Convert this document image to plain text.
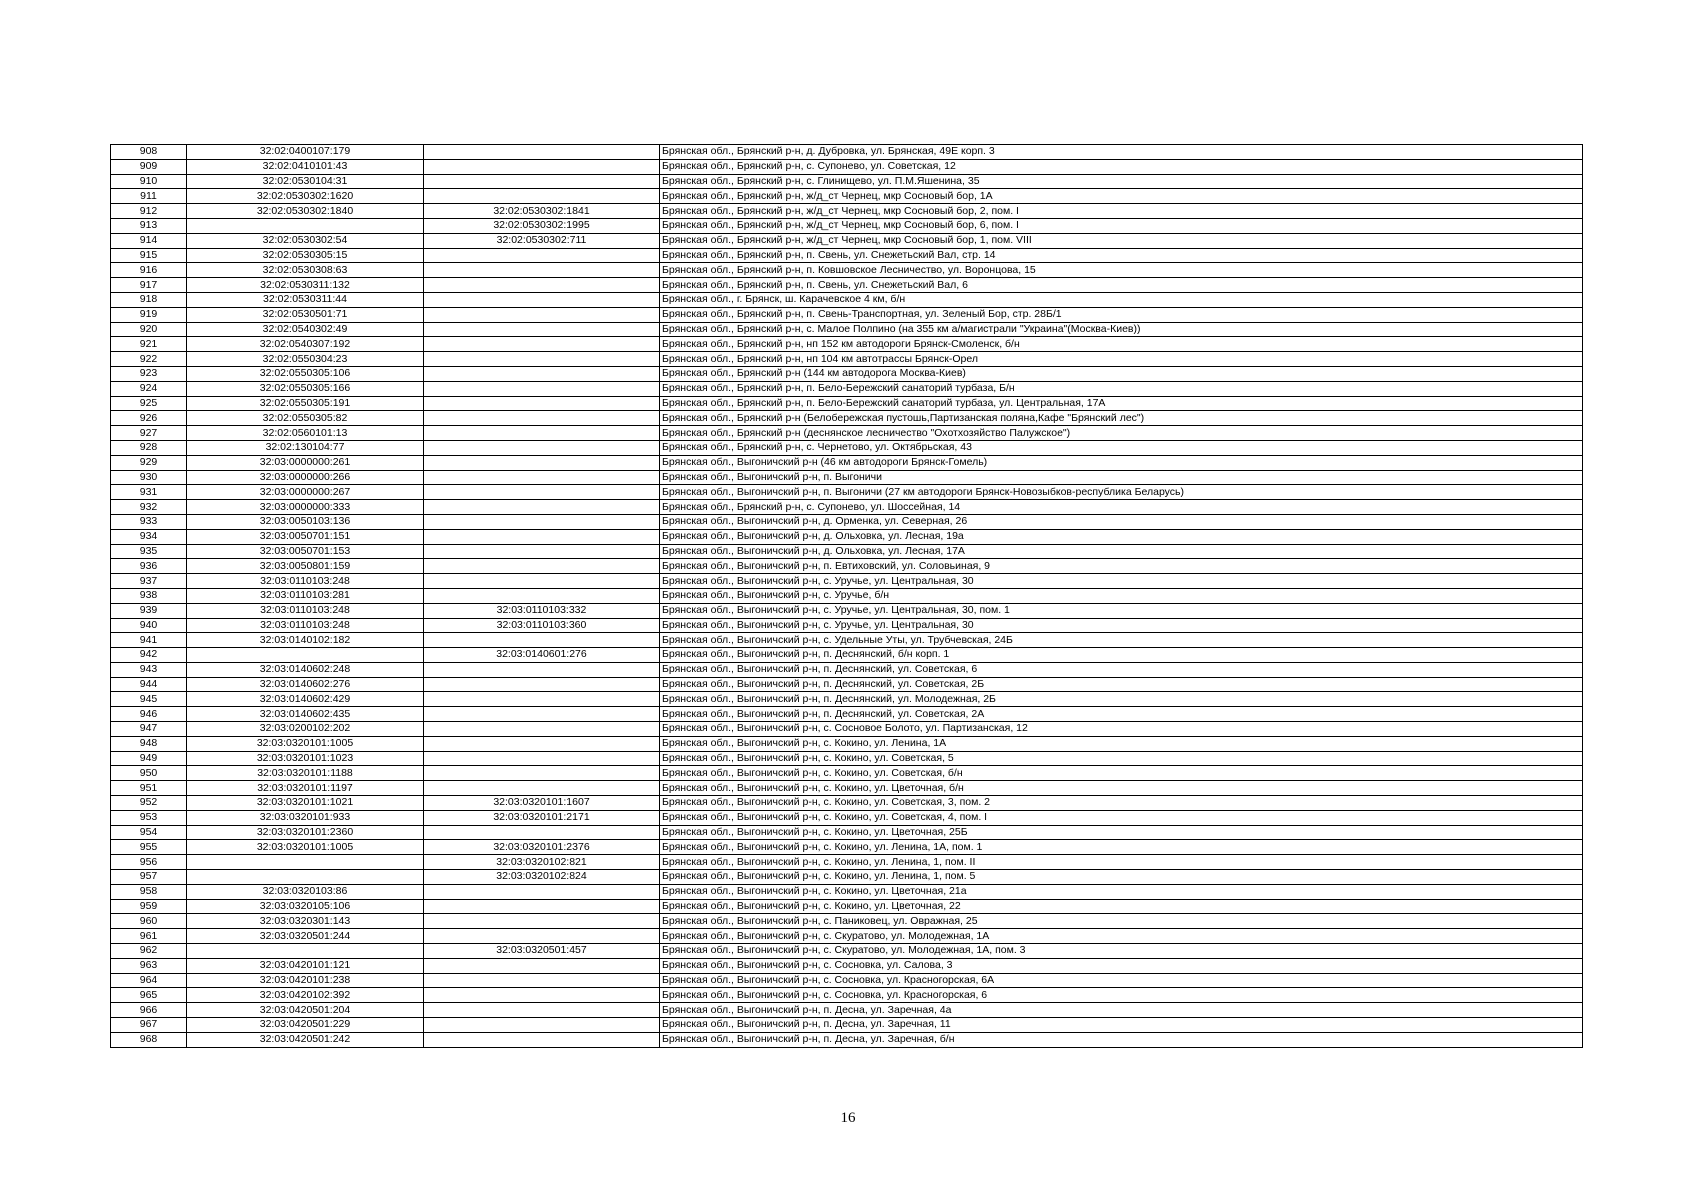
908	32:02:0400107:179		Брянская обл., Брянский р-н, д. Дубровка, ул. Брянская, 49Е корп. 3
909	32:02:0410101:43		Брянская обл., Брянский р-н, с. Супонево, ул. Советская, 12
910	32:02:0530104:31		Брянская обл., Брянский р-н, с. Глинищево, ул. П.М.Яшенина, 35
911	32:02:0530302:1620		Брянская обл., Брянский р-н, ж/д_ст Чернец, мкр Сосновый бор, 1А
912	32:02:0530302:1840	32:02:0530302:1841	Брянская обл., Брянский р-н, ж/д_ст Чернец, мкр Сосновый бор, 2, пом. I
913		32:02:0530302:1995	Брянская обл., Брянский р-н, ж/д_ст Чернец, мкр Сосновый бор, 6, пом. I
914	32:02:0530302:54	32:02:0530302:711	Брянская обл., Брянский р-н, ж/д_ст Чернец, мкр Сосновый бор, 1, пом. VIII
915	32:02:0530305:15		Брянская обл., Брянский р-н, п. Свень, ул. Снежетьский Вал, стр. 14
916	32:02:0530308:63		Брянская обл., Брянский р-н, п. Ковшовское Лесничество, ул. Воронцова, 15
917	32:02:0530311:132		Брянская обл., Брянский р-н, п. Свень, ул. Снежетьский Вал, 6
918	32:02:0530311:44		Брянская обл., г. Брянск, ш. Карачевское 4 км, б/н
919	32:02:0530501:71		Брянская обл., Брянский р-н, п. Свень-Транспортная, ул. Зеленый Бор, стр. 28Б/1
920	32:02:0540302:49		Брянская обл., Брянский р-н, с. Малое Полпино (на 355 км а/магистрали "Украина"(Москва-Киев))
921	32:02:0540307:192		Брянская обл., Брянский р-н, нп 152 км автодороги Брянск-Смоленск, б/н
922	32:02:0550304:23		Брянская обл., Брянский р-н, нп 104 км автотрассы Брянск-Орел
923	32:02:0550305:106		Брянская обл., Брянский р-н (144 км автодорога Москва-Киев)
924	32:02:0550305:166		Брянская обл., Брянский р-н, п. Бело-Бережский санаторий турбаза, Б/н
925	32:02:0550305:191		Брянская обл., Брянский р-н, п. Бело-Бережский санаторий турбаза, ул. Центральная, 17А
926	32:02:0550305:82		Брянская обл., Брянский р-н (Белобережская пустошь,Партизанская поляна,Кафе "Брянский лес")
927	32:02:0560101:13		Брянская обл., Брянский р-н (деснянское лесничество "Охотхозяйство Палужское")
928	32:02:130104:77		Брянская обл., Брянский р-н, с. Чернетово, ул. Октябрьская, 43
929	32:03:0000000:261		Брянская обл., Выгоничский р-н (46 км автодороги Брянск-Гомель)
930	32:03:0000000:266		Брянская обл., Выгоничский р-н, п. Выгоничи
931	32:03:0000000:267		Брянская обл., Выгоничский р-н, п. Выгоничи (27 км автодороги Брянск-Новозыбков-республика Беларусь)
932	32:03:0000000:333		Брянская обл., Брянский р-н, с. Супонево, ул. Шоссейная, 14
933	32:03:0050103:136		Брянская обл., Выгоничский р-н, д. Орменка, ул. Северная, 26
934	32:03:0050701:151		Брянская обл., Выгоничский р-н, д. Ольховка, ул. Лесная, 19а
935	32:03:0050701:153		Брянская обл., Выгоничский р-н, д. Ольховка, ул. Лесная, 17А
936	32:03:0050801:159		Брянская обл., Выгоничский р-н, п. Евтиховский, ул. Соловьиная, 9
937	32:03:0110103:248		Брянская обл., Выгоничский р-н, с. Уручье, ул. Центральная, 30
938	32:03:0110103:281		Брянская обл., Выгоничский р-н, с. Уручье, б/н
939	32:03:0110103:248	32:03:0110103:332	Брянская обл., Выгоничский р-н, с. Уручье, ул. Центральная, 30, пом. 1
940	32:03:0110103:248	32:03:0110103:360	Брянская обл., Выгоничский р-н, с. Уручье, ул. Центральная, 30
941	32:03:0140102:182		Брянская обл., Выгоничский р-н, с. Удельные Уты, ул. Трубчевская, 24Б
942		32:03:0140601:276	Брянская обл., Выгоничский р-н, п. Деснянский, б/н корп. 1
943	32:03:0140602:248		Брянская обл., Выгоничский р-н, п. Деснянский, ул. Советская, 6
944	32:03:0140602:276		Брянская обл., Выгоничский р-н, п. Деснянский, ул. Советская, 2Б
945	32:03:0140602:429		Брянская обл., Выгоничский р-н, п. Деснянский, ул. Молодежная, 2Б
946	32:03:0140602:435		Брянская обл., Выгоничский р-н, п. Деснянский, ул. Советская, 2А
947	32:03:0200102:202		Брянская обл., Выгоничский р-н, с. Сосновое Болото, ул. Партизанская, 12
948	32:03:0320101:1005		Брянская обл., Выгоничский р-н, с. Кокино, ул. Ленина, 1А
949	32:03:0320101:1023		Брянская обл., Выгоничский р-н, с. Кокино, ул. Советская, 5
950	32:03:0320101:1188		Брянская обл., Выгоничский р-н, с. Кокино, ул. Советская, б/н
951	32:03:0320101:1197		Брянская обл., Выгоничский р-н, с. Кокино, ул. Цветочная, б/н
952	32:03:0320101:1021	32:03:0320101:1607	Брянская обл., Выгоничский р-н, с. Кокино, ул. Советская, 3, пом. 2
953	32:03:0320101:933	32:03:0320101:2171	Брянская обл., Выгоничский р-н, с. Кокино, ул. Советская, 4, пом. I
954	32:03:0320101:2360		Брянская обл., Выгоничский р-н, с. Кокино, ул. Цветочная, 25Б
955	32:03:0320101:1005	32:03:0320101:2376	Брянская обл., Выгоничский р-н, с. Кокино, ул. Ленина, 1А, пом. 1
956		32:03:0320102:821	Брянская обл., Выгоничский р-н, с. Кокино, ул. Ленина, 1, пом. II
957		32:03:0320102:824	Брянская обл., Выгоничский р-н, с. Кокино, ул. Ленина, 1, пом. 5
958	32:03:0320103:86		Брянская обл., Выгоничский р-н, с. Кокино, ул. Цветочная, 21а
959	32:03:0320105:106		Брянская обл., Выгоничский р-н, с. Кокино, ул. Цветочная, 22
960	32:03:0320301:143		Брянская обл., Выгоничский р-н, с. Паниковец, ул. Овражная, 25
961	32:03:0320501:244		Брянская обл., Выгоничский р-н, с. Скуратово, ул. Молодежная, 1А
962		32:03:0320501:457	Брянская обл., Выгоничский р-н, с. Скуратово, ул. Молодежная, 1А, пом. 3
963	32:03:0420101:121		Брянская обл., Выгоничский р-н, с. Сосновка, ул. Салова, 3
964	32:03:0420101:238		Брянская обл., Выгоничский р-н, с. Сосновка, ул. Красногорская, 6А
965	32:03:0420102:392		Брянская обл., Выгоничский р-н, с. Сосновка, ул. Красногорская, 6
966	32:03:0420501:204		Брянская обл., Выгоничский р-н, п. Десна, ул. Заречная, 4а
967	32:03:0420501:229		Брянская обл., Выгоничский р-н, п. Десна, ул. Заречная, 11
968	32:03:0420501:242		Брянская обл., Выгоничский р-н, п. Десна, ул. Заречная, б/н
16
